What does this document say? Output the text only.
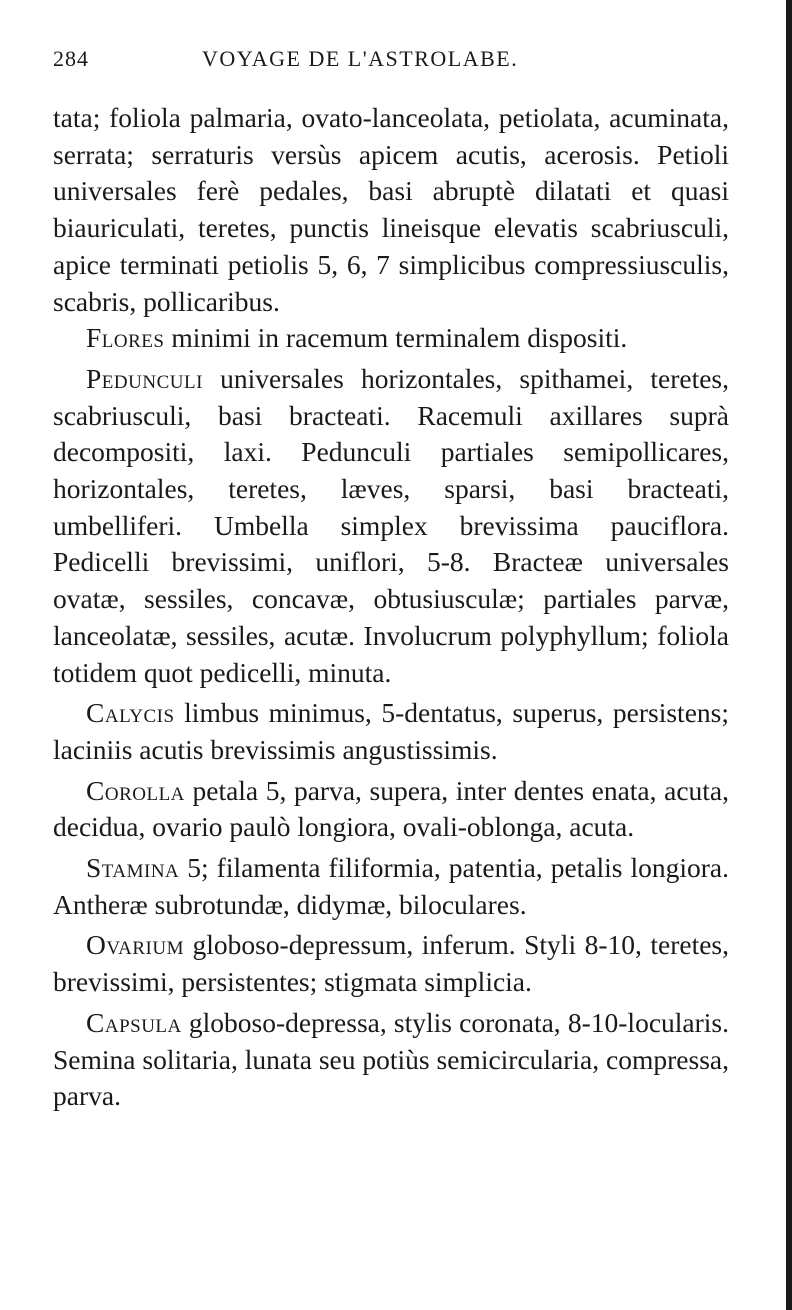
284	VOYAGE DE L'ASTROLABE.

tata; foliola palmaria, ovato-lanceolata, petiolata, acuminata, serrata; serraturis versùs apicem acutis, acerosis. Petioli universales ferè pedales, basi abruptè dilatati et quasi biauriculati, teretes, punctis lineisque elevatis scabriusculi, apice terminati petiolis 5, 6, 7 simplicibus compressiusculis, scabris, pollicaribus.

Flores minimi in racemum terminalem dispositi.

Pedunculi universales horizontales, spithamei, teretes, scabriusculi, basi bracteati. Racemuli axillares suprà decompositi, laxi. Pedunculi partiales semipollicares, horizontales, teretes, læves, sparsi, basi bracteati, umbelliferi. Umbella simplex brevissima pauciflora. Pedicelli brevissimi, uniflori, 5-8. Bracteæ universales ovatæ, sessiles, concavæ, obtusiusculæ; partiales parvæ, lanceolatæ, sessiles, acutæ. Involucrum polyphyllum; foliola totidem quot pedicelli, minuta.

Calycis limbus minimus, 5-dentatus, superus, persistens; laciniis acutis brevissimis angustissimis.

Corolla petala 5, parva, supera, inter dentes enata, acuta, decidua, ovario paulò longiora, ovali-oblonga, acuta.

Stamina 5; filamenta filiformia, patentia, petalis longiora. Antheræ subrotundæ, didymæ, biloculares.

Ovarium globoso-depressum, inferum. Styli 8-10, teretes, brevissimi, persistentes; stigmata simplicia.

Capsula globoso-depressa, stylis coronata, 8-10-locularis. Semina solitaria, lunata seu potiùs semicircularia, compressa, parva.
